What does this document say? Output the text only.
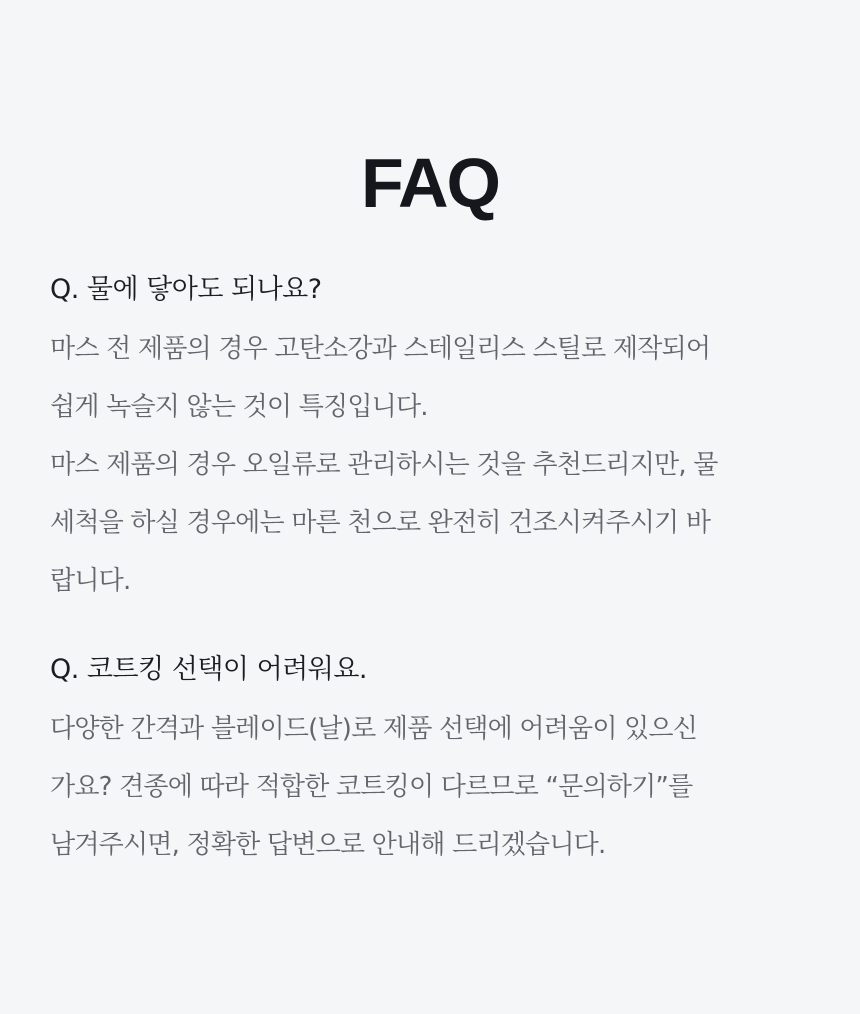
FAQ
Q. 물에 닿아도 되나요?

마스 전 제품의 경우 고탄소강과 스테일리스 스틸로 제작되어
쉽게 녹슬지 않는 것이 특징입니다.
마스 제품의 경우 오일류로 관리하시는 것을 추천드리지만, 물
세척을 하실 경우에는 마른 천으로 완전히 건조시켜주시기 바
랍니다.

Q. 코트킹 선택이 어려워요.

다양한 간격과 블레이드(날)로 제품 선택에 어려움이 있으신
가요? 견종에 따라 적합한 코트킹이 다르므로 “문의하기”를
남겨주시면, 정확한 답변으로 안내해 드리겠습니다.
